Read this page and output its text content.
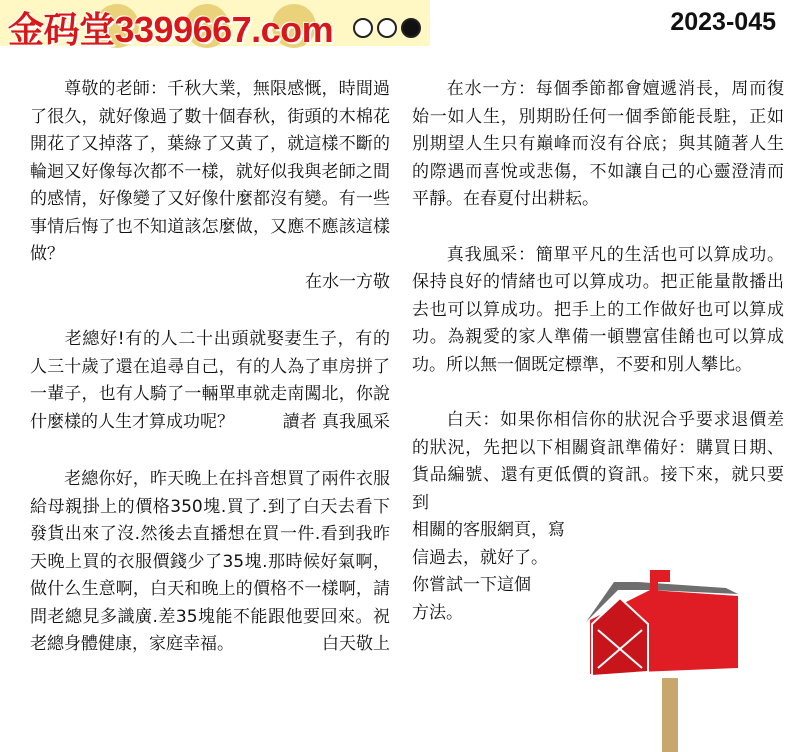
金码堂3399667.com	2023-045

尊敬的老師：千秋大業，無限感慨，時間過了很久，就好像過了數十個春秋，街頭的木棉花開花了又掉落了，葉綠了又黃了，就這樣不斷的輪迴又好像每次都不一樣，就好似我與老師之間的感情，好像變了又好像什麼都沒有變。有一些事情后悔了也不知道該怎麼做，又應不應該這樣做？

在水一方敬

老總好!有的人二十出頭就娶妻生子，有的人三十歲了還在追尋自己，有的人為了車房拼了一輩子，也有人騎了一輛單車就走南闖北，你說什麼樣的人生才算成功呢？	讀者 真我風采

老總你好，昨天晚上在抖音想買了兩件衣服給母親掛上的價格350塊.買了.到了白天去看下發貨出來了沒.然後去直播想在買一件.看到我昨天晚上買的衣服價錢少了35塊.那時候好氣啊，做什么生意啊，白天和晚上的價格不一樣啊，請問老總見多識廣.差35塊能不能跟他要回來。祝老總身體健康，家庭幸福。	白天敬上

在水一方：每個季節都會嬗遞消長，周而復始一如人生，別期盼任何一個季節能長駐，正如別期望人生只有巔峰而沒有谷底；與其隨著人生的際遇而喜悅或悲傷，不如讓自己的心靈澄清而平靜。在春夏付出耕耘。

真我風采：簡單平凡的生活也可以算成功。保持良好的情緒也可以算成功。把正能量散播出去也可以算成功。把手上的工作做好也可以算成功。為親愛的家人準備一頓豐富佳餚也可以算成功。所以無一個既定標準，不要和別人攀比。

白天：如果你相信你的狀況合乎要求退價差的狀況，先把以下相關資訊準備好：購買日期、貨品編號、還有更低價的資訊。接下來，就只要到

相關的客服網頁，寫
信過去，就好了。
你嘗試一下這個
方法。
